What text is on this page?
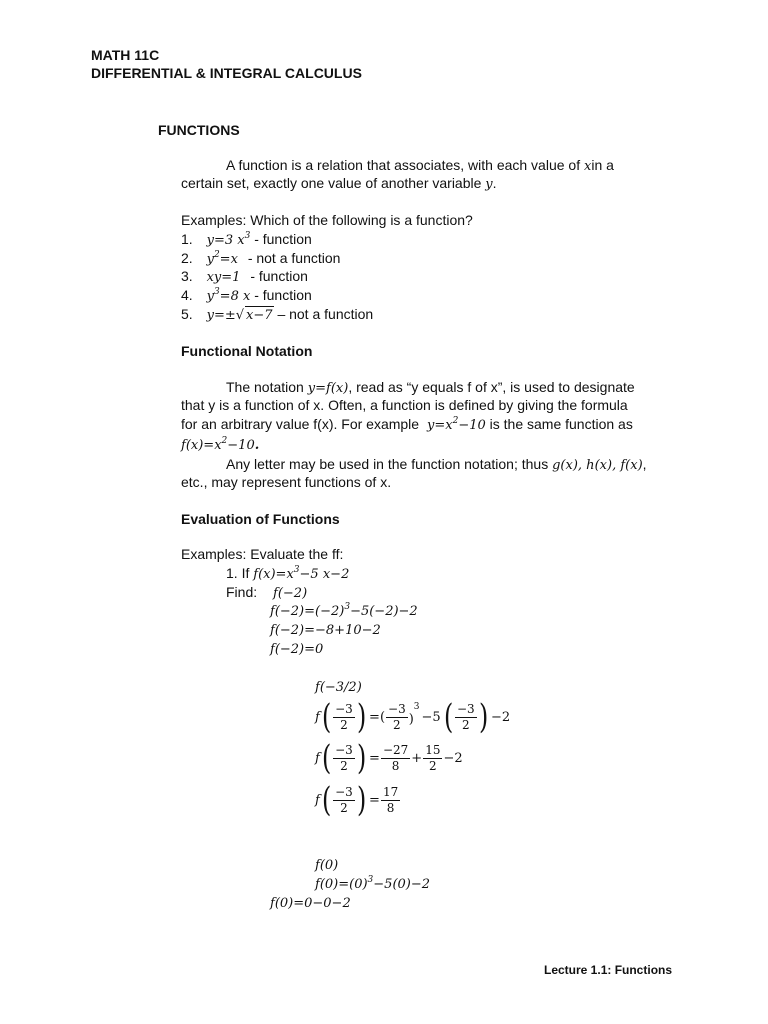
MATH 11C
DIFFERENTIAL & INTEGRAL CALCULUS
FUNCTIONS
A function is a relation that associates, with each value of xin a
certain set, exactly one value of another variable y.
Examples: Which of the following is a function?
1. y=3 $x^3$ - function
2. $y^2=x$ - not a function
3. xy=1 - function
4. $y^3=8$ x - function
5. y=±√ x−7 – not a function
Functional Notation
The notation y=f(x), read as “y equals f of x”, is used to designate
that y is a function of x. Often, a function is defined by giving the formula
for an arbitrary value f(x). For example $y=x^2-10$ is the same function as
$f(x)=x^2-10$.
Any letter may be used in the function notation; thus g(x), h(x), f(x),
etc., may represent functions of x.
Evaluation of Functions
Examples: Evaluate the ff:
1. If $f(x)=x^3-5$ x−2
Find: f(−2)
$f(-2)=(-2)^3-5(-2)-2$
f(−2)=−8+10−2
f(−2)=0
f(−3/2)
f ( $\frac{-3}{2}$ ) =( $\frac{-3}{2} )^3$
−5 ( $\frac{-3}{2}$ ) −2
f ( $\frac{-3}{2}$ ) = $\frac{-27}{8} + \frac{15}{2} -2$
f ( $\frac{-3}{2}$ ) = $\frac{17}{8}$
f(0)
$f(0)=(0)^3-5(0)-2$
f(0)=0−0−2
Lecture 1.1: Functions
